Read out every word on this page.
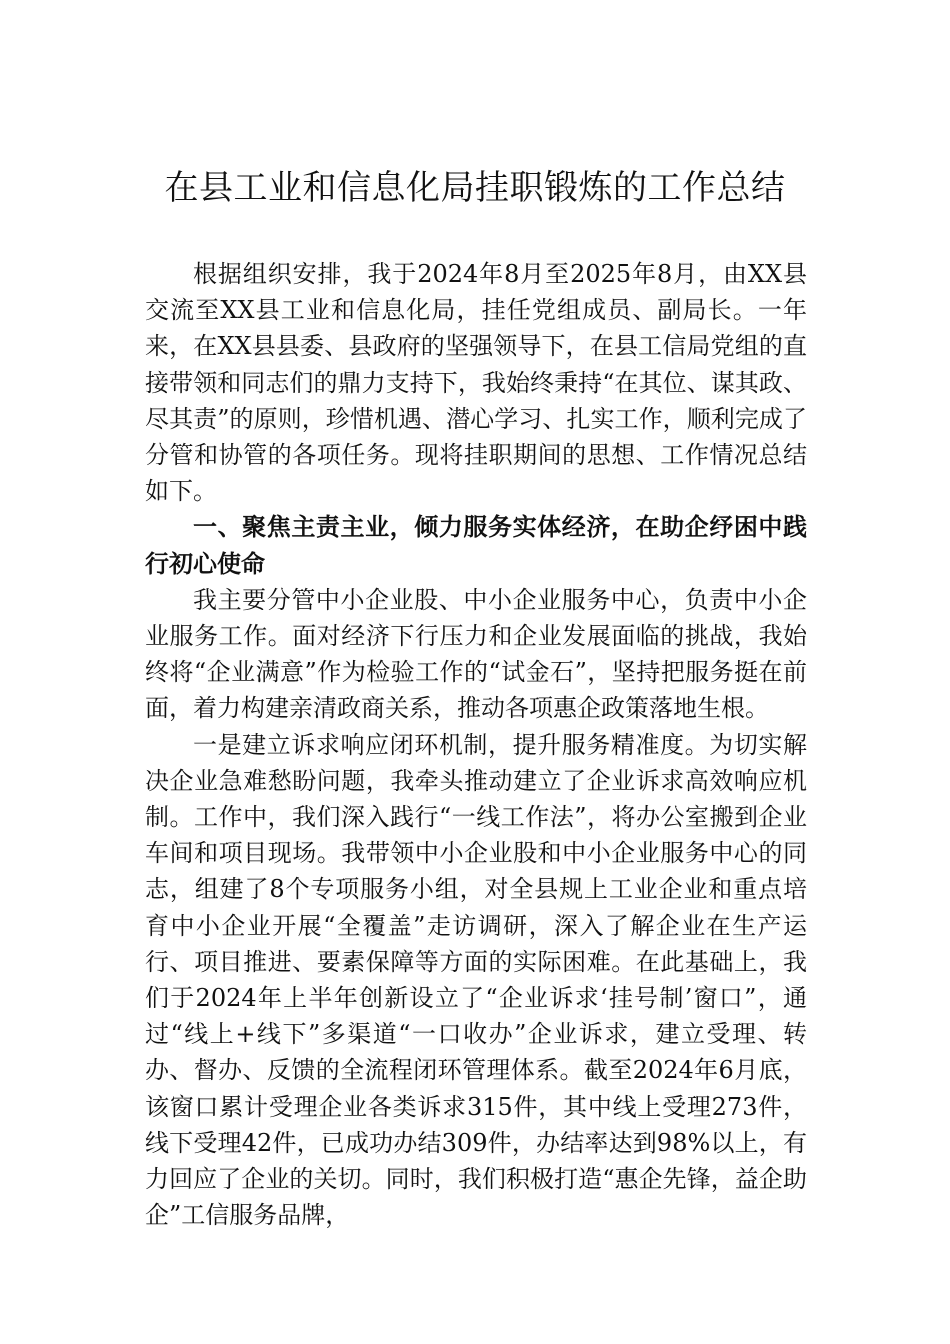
在县工业和信息化局挂职锻炼的工作总结

根据组织安排，我于2024年8月至2025年8月，由XX县交流至XX县工业和信息化局，挂任党组成员、副局长。一年来，在XX县县委、县政府的坚强领导下，在县工信局党组的直接带领和同志们的鼎力支持下，我始终秉持“在其位、谋其政、尽其责”的原则，珍惜机遇、潜心学习、扎实工作，顺利完成了分管和协管的各项任务。现将挂职期间的思想、工作情况总结如下。

一、聚焦主责主业，倾力服务实体经济，在助企纾困中践行初心使命

我主要分管中小企业股、中小企业服务中心，负责中小企业服务工作。面对经济下行压力和企业发展面临的挑战，我始终将“企业满意”作为检验工作的“试金石”，坚持把服务挺在前面，着力构建亲清政商关系，推动各项惠企政策落地生根。

一是建立诉求响应闭环机制，提升服务精准度。为切实解决企业急难愁盼问题，我牵头推动建立了企业诉求高效响应机制。工作中，我们深入践行“一线工作法”，将办公室搬到企业车间和项目现场。我带领中小企业股和中小企业服务中心的同志，组建了8个专项服务小组，对全县规上工业企业和重点培育中小企业开展“全覆盖”走访调研，深入了解企业在生产运行、项目推进、要素保障等方面的实际困难。在此基础上，我们于2024年上半年创新设立了“企业诉求‘挂号制’窗口”，通过“线上+线下”多渠道“一口收办”企业诉求，建立受理、转办、督办、反馈的全流程闭环管理体系。截至2024年6月底，该窗口累计受理企业各类诉求315件，其中线上受理273件，线下受理42件，已成功办结309件，办结率达到98%以上，有力回应了企业的关切。同时，我们积极打造“惠企先锋，益企助企”工信服务品牌，
